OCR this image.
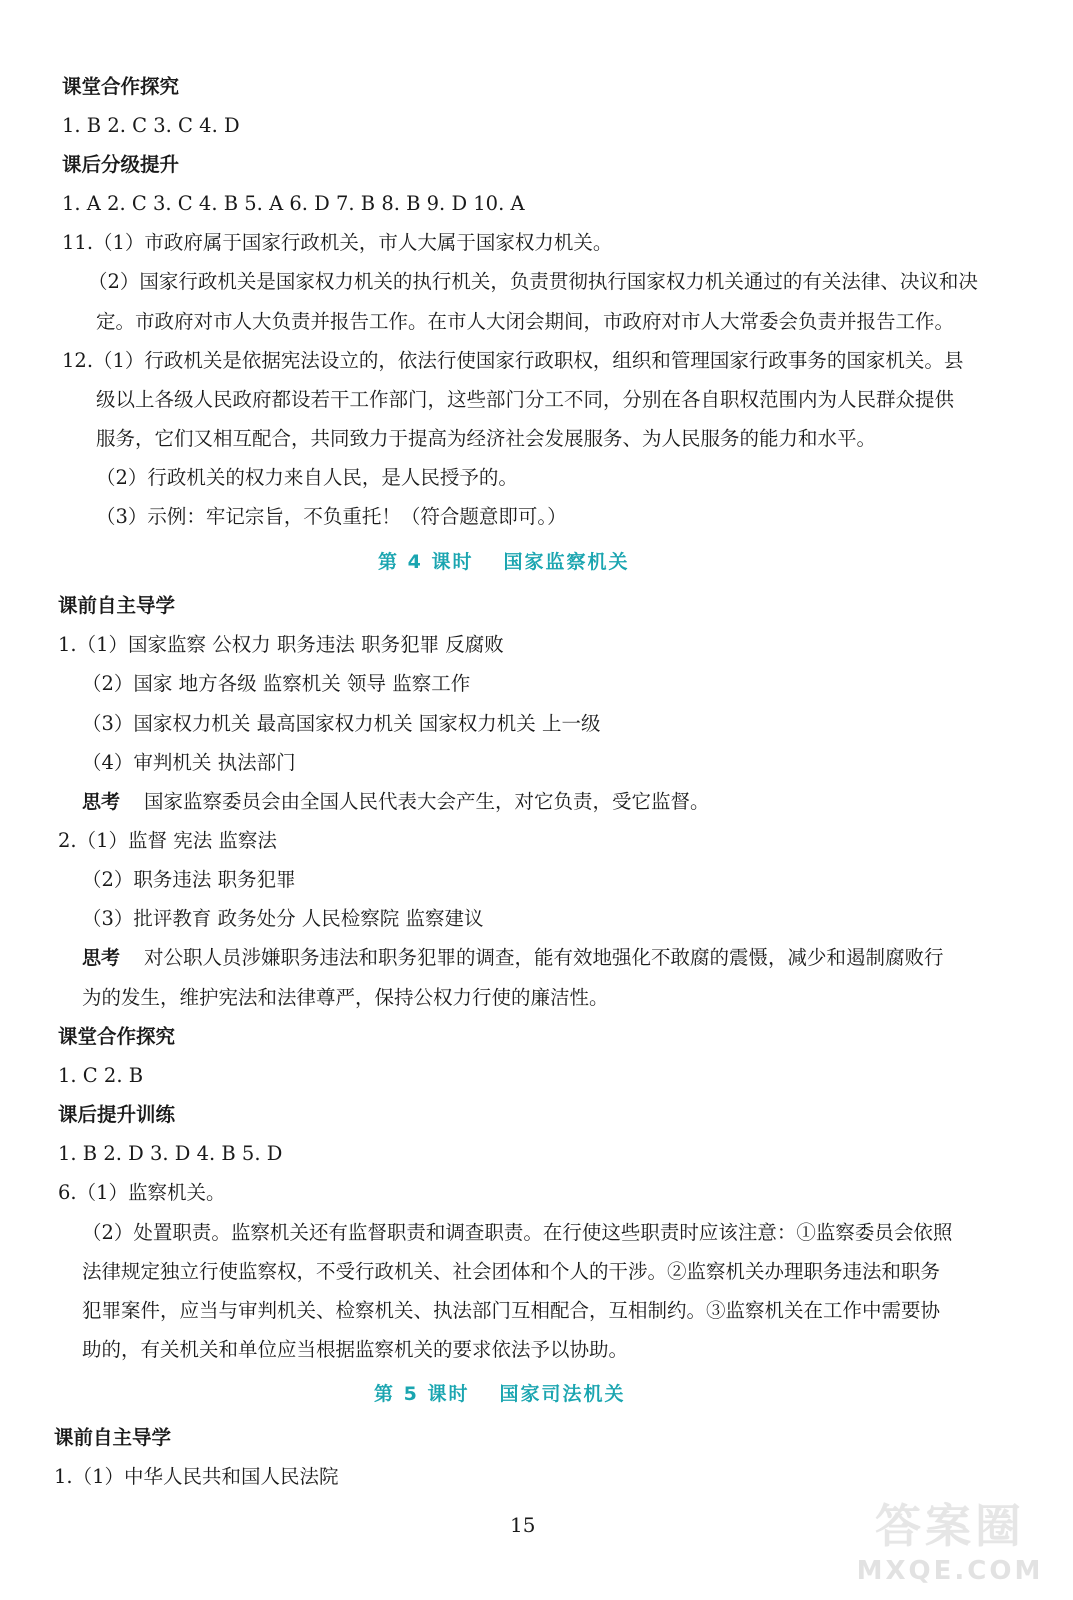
课堂合作探究
1. B 2. C 3. C 4. D
课后分级提升
1. A 2. C 3. C 4. B 5. A 6. D 7. B 8. B 9. D 10. A
11.（1）市政府属于国家行政机关，市人大属于国家权力机关。
（2）国家行政机关是国家权力机关的执行机关，负责贯彻执行国家权力机关通过的有关法律、决议和决
定。市政府对市人大负责并报告工作。在市人大闭会期间，市政府对市人大常委会负责并报告工作。
12.（1）行政机关是依据宪法设立的，依法行使国家行政职权，组织和管理国家行政事务的国家机关。县
级以上各级人民政府都设若干工作部门，这些部门分工不同，分别在各自职权范围内为人民群众提供
服务，它们又相互配合，共同致力于提高为经济社会发展服务、为人民服务的能力和水平。
（2）行政机关的权力来自人民，是人民授予的。
（3）示例：牢记宗旨，不负重托！（符合题意即可。）
第 4 课时 国家监察机关
课前自主导学
1.（1）国家监察 公权力 职务违法 职务犯罪 反腐败
（2）国家 地方各级 监察机关 领导 监察工作
（3）国家权力机关 最高国家权力机关 国家权力机关 上一级
（4）审判机关 执法部门
思考 国家监察委员会由全国人民代表大会产生，对它负责，受它监督。
2.（1）监督 宪法 监察法
（2）职务违法 职务犯罪
（3）批评教育 政务处分 人民检察院 监察建议
思考 对公职人员涉嫌职务违法和职务犯罪的调查，能有效地强化不敢腐的震慑，减少和遏制腐败行
为的发生，维护宪法和法律尊严，保持公权力行使的廉洁性。
课堂合作探究
1. C 2. B
课后提升训练
1. B 2. D 3. D 4. B 5. D
6.（1）监察机关。
（2）处置职责。监察机关还有监督职责和调查职责。在行使这些职责时应该注意：①监察委员会依照
法律规定独立行使监察权，不受行政机关、社会团体和个人的干涉。②监察机关办理职务违法和职务
犯罪案件，应当与审判机关、检察机关、执法部门互相配合，互相制约。③监察机关在工作中需要协
助的，有关机关和单位应当根据监察机关的要求依法予以协助。
第 5 课时 国家司法机关
课前自主导学
1.（1）中华人民共和国人民法院
15	答案圈
MXQE.COM
